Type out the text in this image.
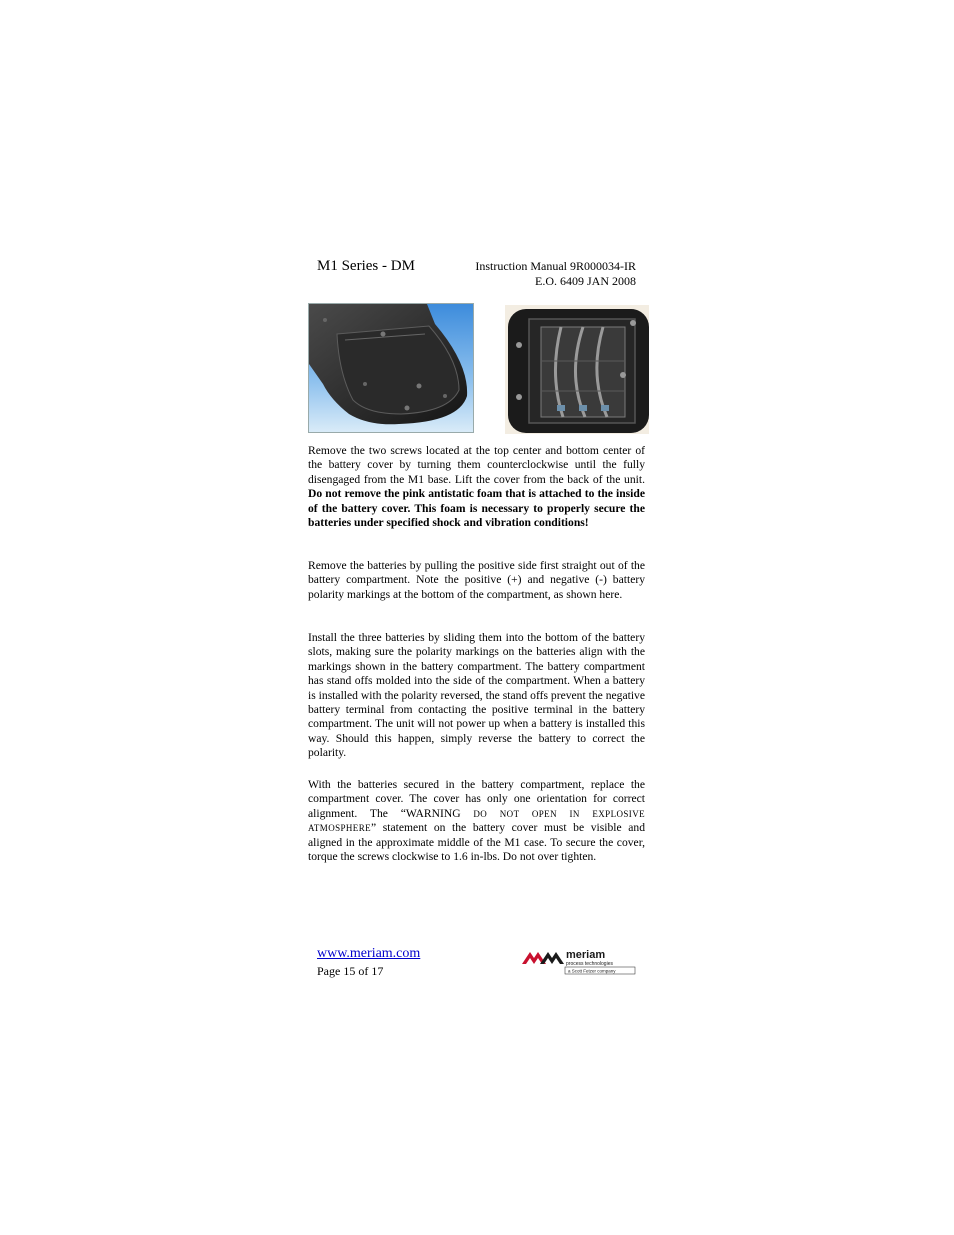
M1 Series - DM	Instruction Manual 9R000034-IR
E.O. 6409 JAN 2008
Remove the two screws located at the top center and bottom center of the battery cover by turning them counterclockwise until the fully disengaged from the M1 base. Lift the cover from the back of the unit. Do not remove the pink antistatic foam that is attached to the inside of the battery cover. This foam is necessary to properly secure the batteries under specified shock and vibration conditions!
Remove the batteries by pulling the positive side first straight out of the battery compartment. Note the positive (+) and negative (-) battery polarity markings at the bottom of the compartment, as shown here.
Install the three batteries by sliding them into the bottom of the battery slots, making sure the polarity markings on the batteries align with the markings shown in the battery compartment. The battery compartment has stand offs molded into the side of the compartment. When a battery is installed with the polarity reversed, the stand offs prevent the negative battery terminal from contacting the positive terminal in the battery compartment. The unit will not power up when a battery is installed this way. Should this happen, simply reverse the battery to correct the polarity.
With the batteries secured in the battery compartment, replace the compartment cover. The cover has only one orientation for correct alignment. The “WARNING DO NOT OPEN IN EXPLOSIVE ATMOSPHERE” statement on the battery cover must be visible and aligned in the approximate middle of the M1 case. To secure the cover, torque the screws clockwise to 1.6 in-lbs. Do not over tighten.
www.meriam.com
Page 15 of 17
meriam
process technologies
a Scott Fetzer company
